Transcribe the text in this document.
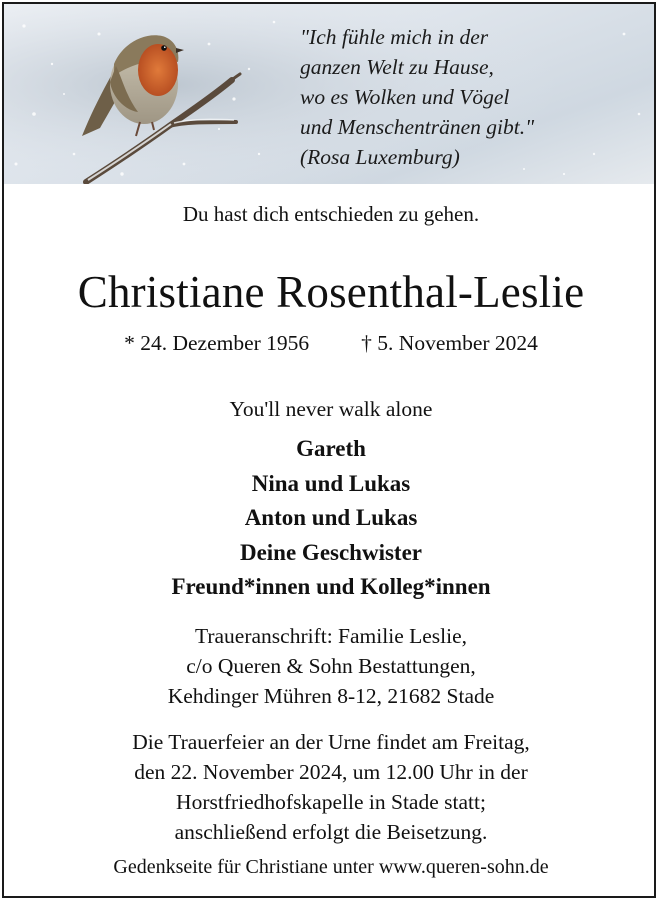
"Ich fühle mich in der
ganzen Welt zu Hause,
wo es Wolken und Vögel
und Menschentränen gibt."
(Rosa Luxemburg)
Du hast dich entschieden zu gehen.
Christiane Rosenthal-Leslie
* 24. Dezember 1956 † 5. November 2024
You'll never walk alone
Gareth
Nina und Lukas
Anton und Lukas
Deine Geschwister
Freund*innen und Kolleg*innen
Traueranschrift: Familie Leslie,
c/o Queren & Sohn Bestattungen,
Kehdinger Mühren 8-12, 21682 Stade
Die Trauerfeier an der Urne findet am Freitag,
den 22. November 2024, um 12.00 Uhr in der
Horstfriedhofskapelle in Stade statt;
anschließend erfolgt die Beisetzung.
Gedenkseite für Christiane unter www.queren-sohn.de
